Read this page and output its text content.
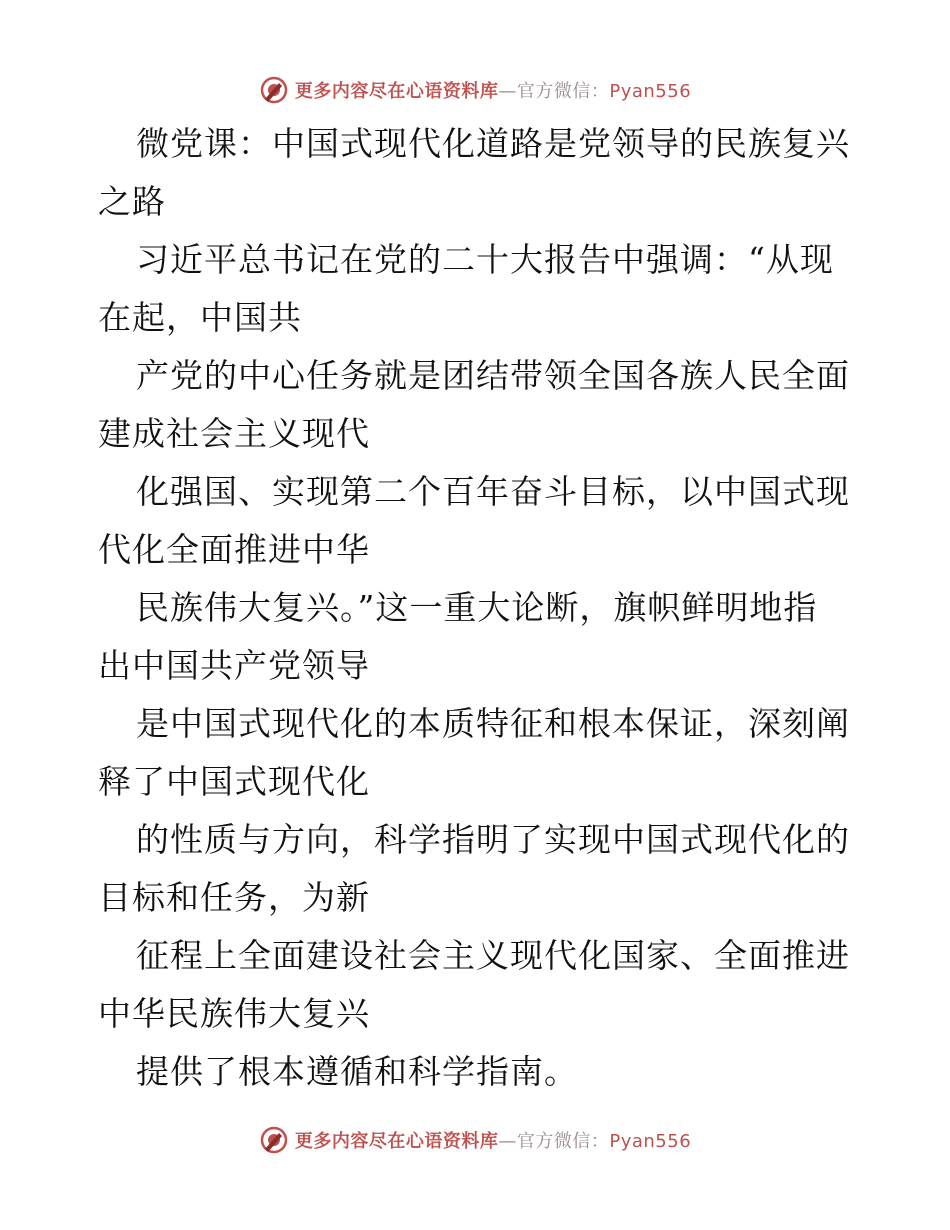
更多内容尽在心语资料库—官方微信：Pyan556

微党课：中国式现代化道路是党领导的民族复兴
之路

习近平总书记在党的二十大报告中强调：“从现
在起，中国共

产党的中心任务就是团结带领全国各族人民全面
建成社会主义现代

化强国、实现第二个百年奋斗目标，以中国式现
代化全面推进中华

民族伟大复兴。”这一重大论断，旗帜鲜明地指
出中国共产党领导

是中国式现代化的本质特征和根本保证，深刻阐
释了中国式现代化

的性质与方向，科学指明了实现中国式现代化的
目标和任务，为新

征程上全面建设社会主义现代化国家、全面推进
中华民族伟大复兴

提供了根本遵循和科学指南。

更多内容尽在心语资料库—官方微信：Pyan556
